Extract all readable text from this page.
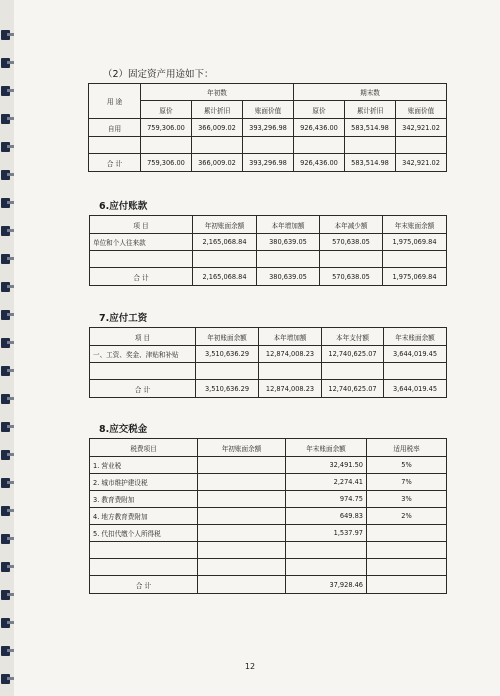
（2）固定资产用途如下：
用 途	年初数			期末数		
	原价	累计折旧	账面价值	原价	累计折旧	账面价值
自用	759,306.00	366,009.02	393,296.98	926,436.00	583,514.98	342,921.02

合 计	759,306.00	366,009.02	393,296.98	926,436.00	583,514.98	342,921.02
6.应付账款
项 目	年初账面余额	本年增加额	本年减少额	年末账面余额
单位和个人往来款	2,165,068.84	380,639.05	570,638.05	1,975,069.84

合 计	2,165,068.84	380,639.05	570,638.05	1,975,069.84
7.应付工资
项 目	年初账面余额	本年增加额	本年支付额	年末账面余额
一、工资、奖金、津贴和补贴	3,510,636.29	12,874,008.23	12,740,625.07	3,644,019.45

合 计	3,510,636.29	12,874,008.23	12,740,625.07	3,644,019.45
8.应交税金
税费项目	年初账面余额	年末账面余额	适用税率
1. 营业税		32,491.50	5%
2. 城市维护建设税		2,274.41	7%
3. 教育费附加		974.75	3%
4. 地方教育费附加		649.83	2%
5. 代扣代缴个人所得税		1,537.97	

合 计		37,928.46	
12
